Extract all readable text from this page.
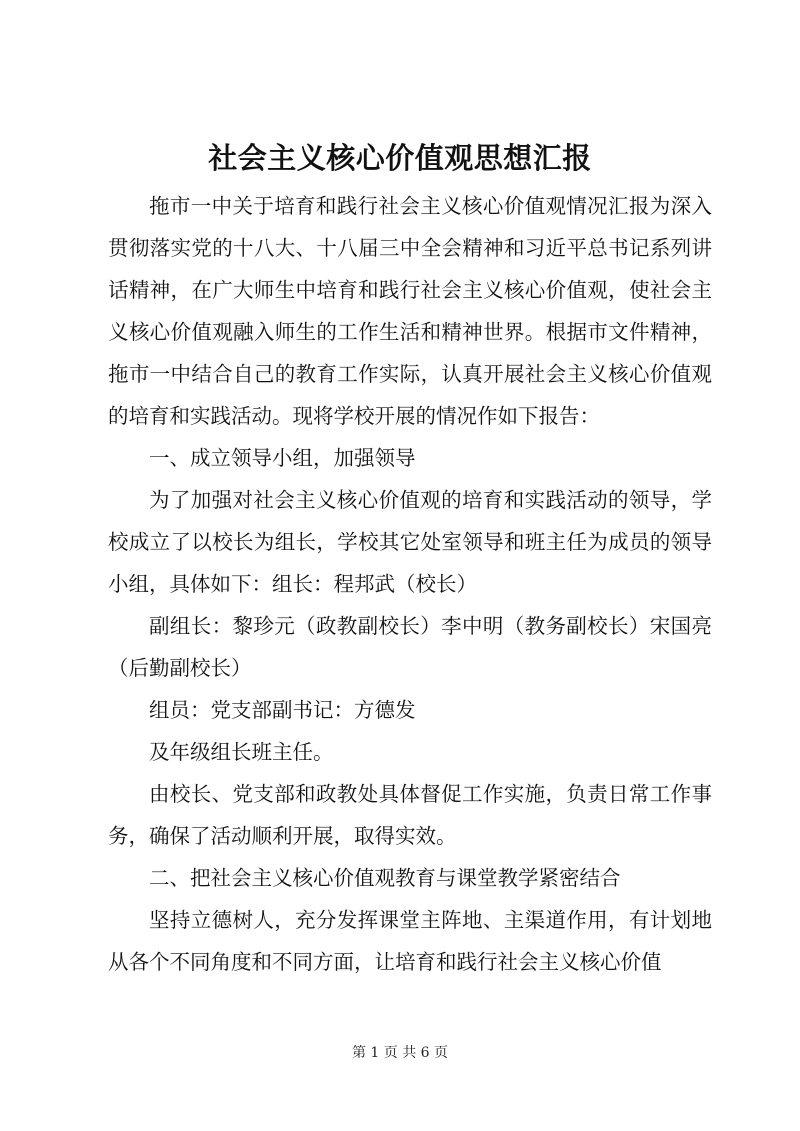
社会主义核心价值观思想汇报

拖市一中关于培育和践行社会主义核心价值观情况汇报为深入贯彻落实党的十八大、十八届三中全会精神和习近平总书记系列讲话精神，在广大师生中培育和践行社会主义核心价值观，使社会主义核心价值观融入师生的工作生活和精神世界。根据市文件精神，拖市一中结合自己的教育工作实际，认真开展社会主义核心价值观的培育和实践活动。现将学校开展的情况作如下报告：

一、成立领导小组，加强领导

为了加强对社会主义核心价值观的培育和实践活动的领导，学校成立了以校长为组长，学校其它处室领导和班主任为成员的领导小组，具体如下：组长：程邦武（校长）

副组长：黎珍元（政教副校长）李中明（教务副校长）宋国亮（后勤副校长）

组员：党支部副书记：方德发

及年级组长班主任。

由校长、党支部和政教处具体督促工作实施，负责日常工作事务，确保了活动顺利开展，取得实效。

二、把社会主义核心价值观教育与课堂教学紧密结合

坚持立德树人，充分发挥课堂主阵地、主渠道作用，有计划地从各个不同角度和不同方面，让培育和践行社会主义核心价值

第 1 页 共 6 页
